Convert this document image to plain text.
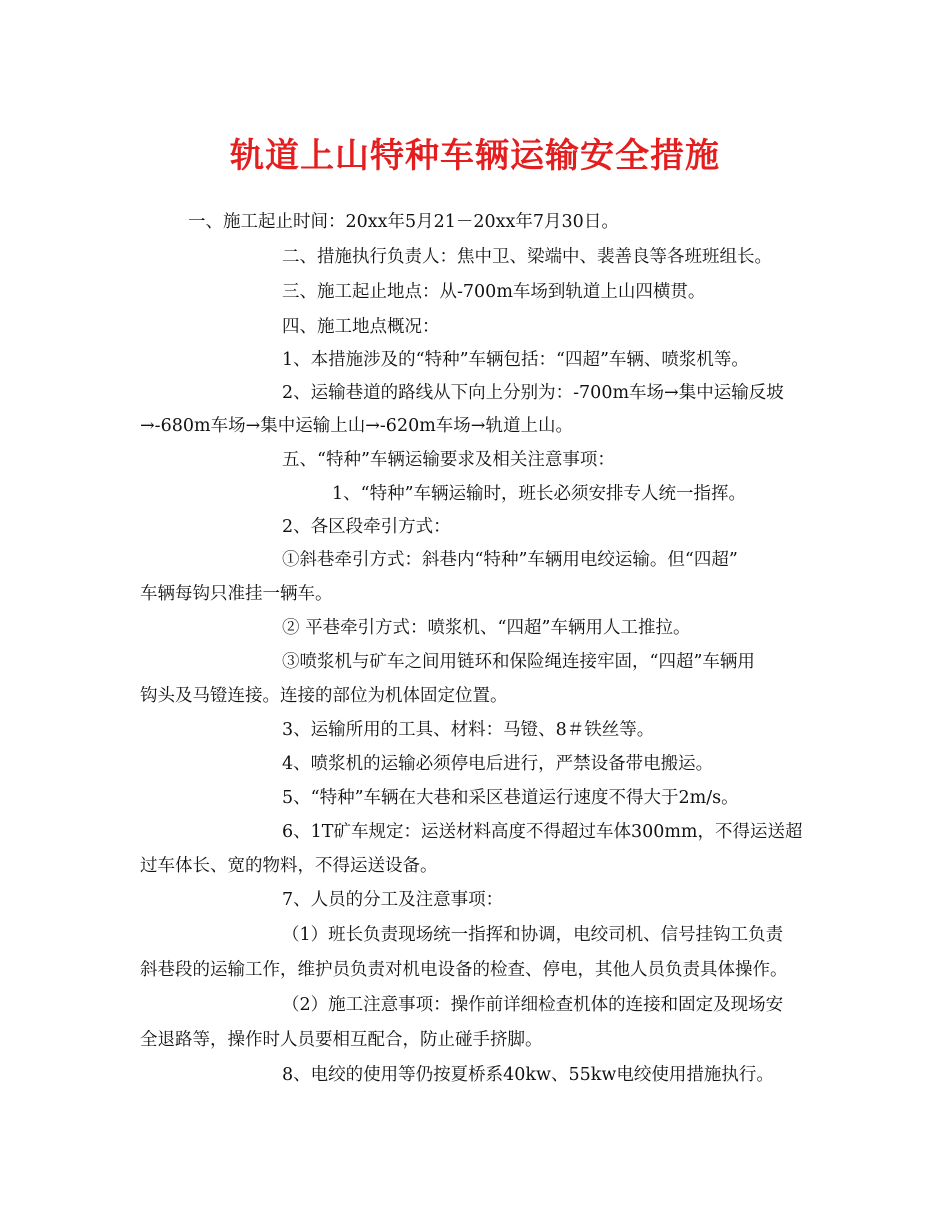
轨道上山特种车辆运输安全措施
一、施工起止时间：20xx年5月21－20xx年7月30日。
二、措施执行负责人：焦中卫、梁端中、裴善良等各班班组长。
三、施工起止地点：从-700m车场到轨道上山四横贯。
四、施工地点概况：
1、本措施涉及的“特种”车辆包括：“四超”车辆、喷浆机等。
2、运输巷道的路线从下向上分别为：-700m车场→集中运输反坡
→-680m车场→集中运输上山→-620m车场→轨道上山。
五、“特种”车辆运输要求及相关注意事项：
1、“特种”车辆运输时，班长必须安排专人统一指挥。
2、各区段牵引方式：
①斜巷牵引方式：斜巷内“特种”车辆用电绞运输。但“四超”
车辆每钩只准挂一辆车。
② 平巷牵引方式：喷浆机、“四超”车辆用人工推拉。
③喷浆机与矿车之间用链环和保险绳连接牢固，“四超”车辆用
钩头及马镫连接。连接的部位为机体固定位置。
3、运输所用的工具、材料：马镫、8＃铁丝等。
4、喷浆机的运输必须停电后进行，严禁设备带电搬运。
5、“特种”车辆在大巷和采区巷道运行速度不得大于2m/s。
6、1T矿车规定：运送材料高度不得超过车体300mm，不得运送超
过车体长、宽的物料，不得运送设备。
7、人员的分工及注意事项：
（1）班长负责现场统一指挥和协调，电绞司机、信号挂钩工负责
斜巷段的运输工作，维护员负责对机电设备的检查、停电，其他人员负责具体操作。
（2）施工注意事项：操作前详细检查机体的连接和固定及现场安
全退路等，操作时人员要相互配合，防止碰手挤脚。
8、电绞的使用等仍按夏桥系40kw、55kw电绞使用措施执行。
